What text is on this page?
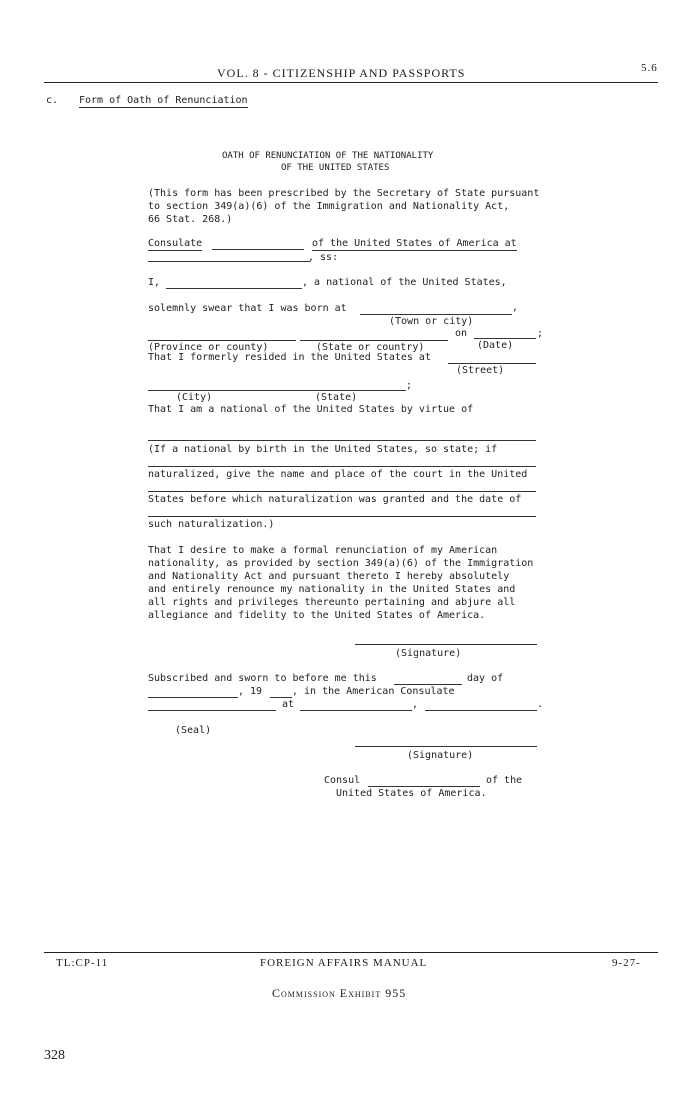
VOL. 8 - CITIZENSHIP AND PASSPORTS	5.6
c. Form of Oath of Renunciation
OATH OF RENUNCIATION OF THE NATIONALITY
OF THE UNITED STATES
(This form has been prescribed by the Secretary of State pursuant
to section 349(a)(6) of the Immigration and Nationality Act,
66 Stat. 268.)
Consulate	of the United States of America at
, ss:
I,	, a national of the United States,
solemnly swear that I was born at	,
(Town or city)
on	;
(Province or county)	(State or country)	(Date)
That I formerly resided in the United States at
(Street)
;
(City)	(State)
That I am a national of the United States by virtue of
(If a national by birth in the United States, so state; if
naturalized, give the name and place of the court in the United
States before which naturalization was granted and the date of
such naturalization.)
That I desire to make a formal renunciation of my American
nationality, as provided by section 349(a)(6) of the Immigration
and Nationality Act and pursuant thereto I hereby absolutely
and entirely renounce my nationality in the United States and
all rights and privileges thereunto pertaining and abjure all
allegiance and fidelity to the United States of America.
(Signature)
Subscribed and sworn to before me this	day of
, 19	, in the American Consulate
at	,	.
(Seal)
(Signature)
Consul	of the
United States of America.
TL:CP-11	FOREIGN AFFAIRS MANUAL	9-27-
Commission Exhibit 955
328
